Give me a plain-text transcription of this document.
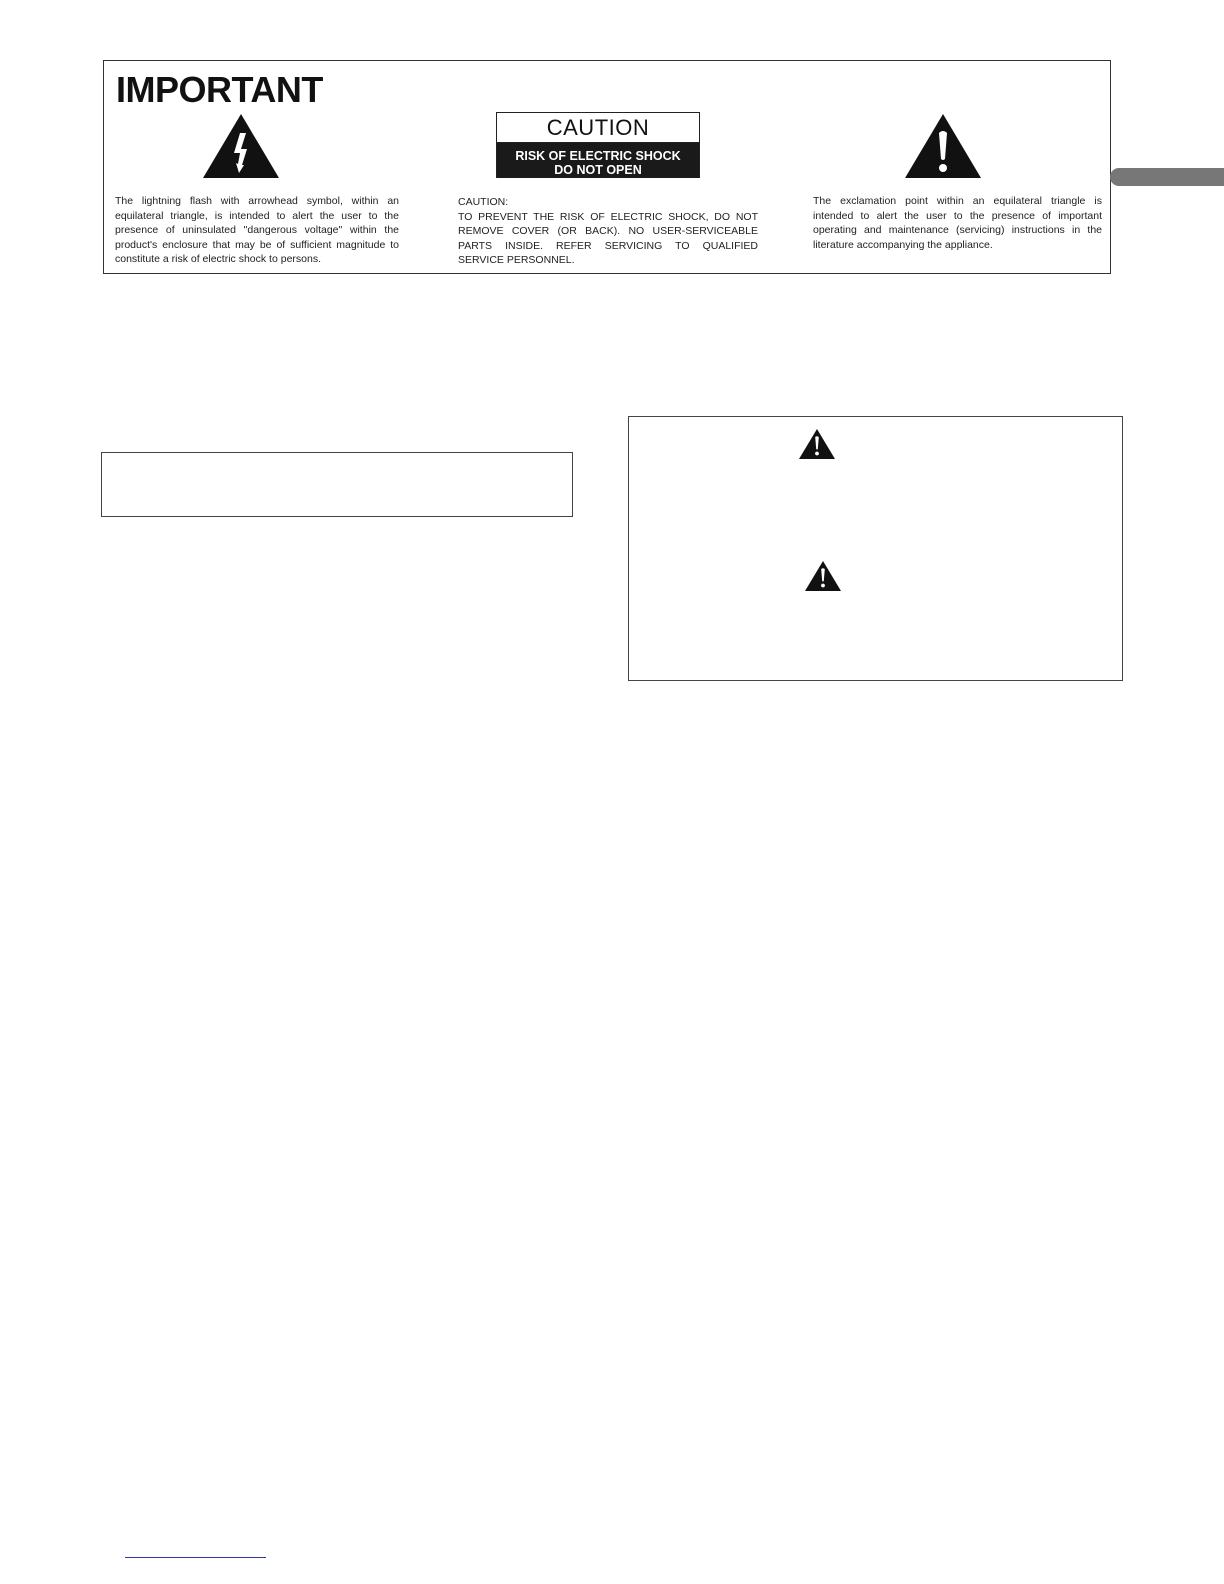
IMPORTANT

The lightning flash with arrowhead symbol, within an equilateral triangle, is intended to alert the user to the presence of uninsulated "dangerous voltage" within the product's enclosure that may be of sufficient magnitude to constitute a risk of electric shock to persons.

CAUTION
RISK OF ELECTRIC SHOCK
DO NOT OPEN
CAUTION:
TO PREVENT THE RISK OF ELECTRIC SHOCK, DO NOT
REMOVE COVER (OR BACK). NO USER-SERVICEABLE
PARTS INSIDE. REFER SERVICING TO QUALIFIED
SERVICE PERSONNEL.

The exclamation point within an equilateral triangle is intended to alert the user to the presence of important operating and maintenance (servicing) instructions in the literature accompanying the appliance.
